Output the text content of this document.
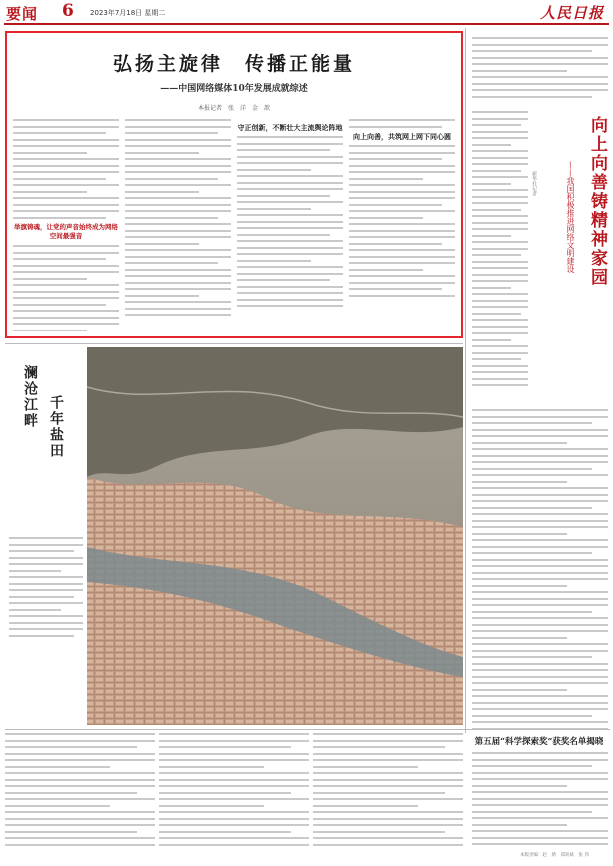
要闻 6 2023年7月18日 星期二	人民日报
弘扬主旋律　传播正能量
——中国网络媒体10年发展成就综述
本报记者　张　洋　金　歆
举旗铸魂，让党的声音始终成为网络空间最强音
守正创新，不断壮大主流舆论阵地
向上向善，共筑网上网下同心圆	向上向善铸精神家园
——我国积极推进网络文明建设
新华社记者
澜沧江畔 千年盐田
第五届“科学探索奖”获奖名单揭晓
本版责编：赵　婧　郑轶斌　张 伟
